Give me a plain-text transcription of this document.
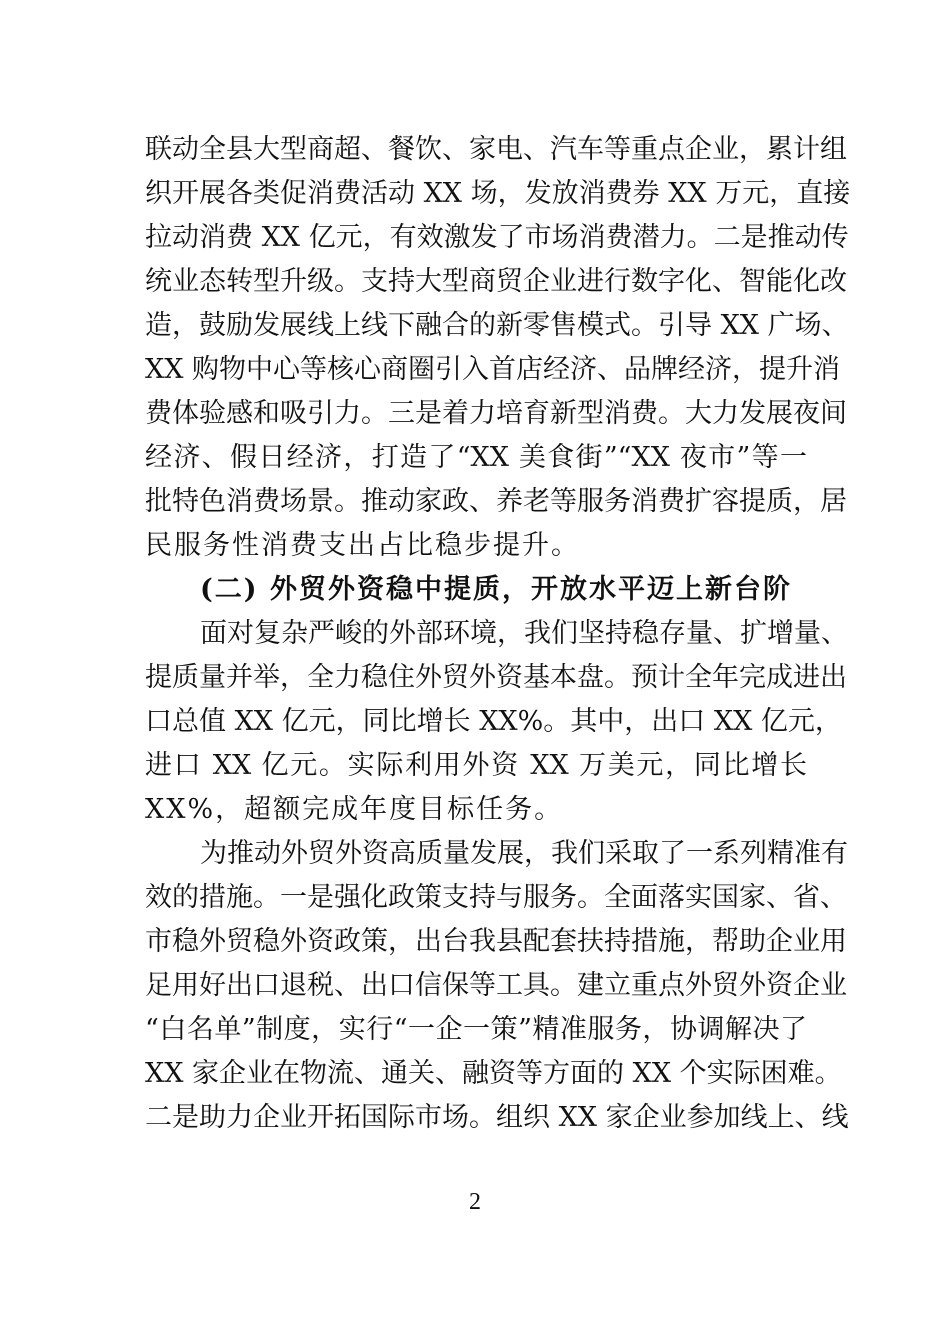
联动全县大型商超、餐饮、家电、汽车等重点企业，累计组
织开展各类促消费活动 XX 场，发放消费券 XX 万元，直接
拉动消费 XX 亿元，有效激发了市场消费潜力。二是推动传
统业态转型升级。支持大型商贸企业进行数字化、智能化改
造，鼓励发展线上线下融合的新零售模式。引导 XX 广场、
XX 购物中心等核心商圈引入首店经济、品牌经济，提升消
费体验感和吸引力。三是着力培育新型消费。大力发展夜间
经济、假日经济，打造了“XX 美食街”“XX 夜市”等一
批特色消费场景。推动家政、养老等服务消费扩容提质，居
民服务性消费支出占比稳步提升。
(二) 外贸外资稳中提质，开放水平迈上新台阶
面对复杂严峻的外部环境，我们坚持稳存量、扩增量、
提质量并举，全力稳住外贸外资基本盘。预计全年完成进出
口总值 XX 亿元，同比增长 XX%。其中，出口 XX 亿元，
进口 XX 亿元。实际利用外资 XX 万美元，同比增长
XX%，超额完成年度目标任务。
为推动外贸外资高质量发展，我们采取了一系列精准有
效的措施。一是强化政策支持与服务。全面落实国家、省、
市稳外贸稳外资政策，出台我县配套扶持措施，帮助企业用
足用好出口退税、出口信保等工具。建立重点外贸外资企业
“白名单”制度，实行“一企一策”精准服务，协调解决了
XX 家企业在物流、通关、融资等方面的 XX 个实际困难。
二是助力企业开拓国际市场。组织 XX 家企业参加线上、线
2
